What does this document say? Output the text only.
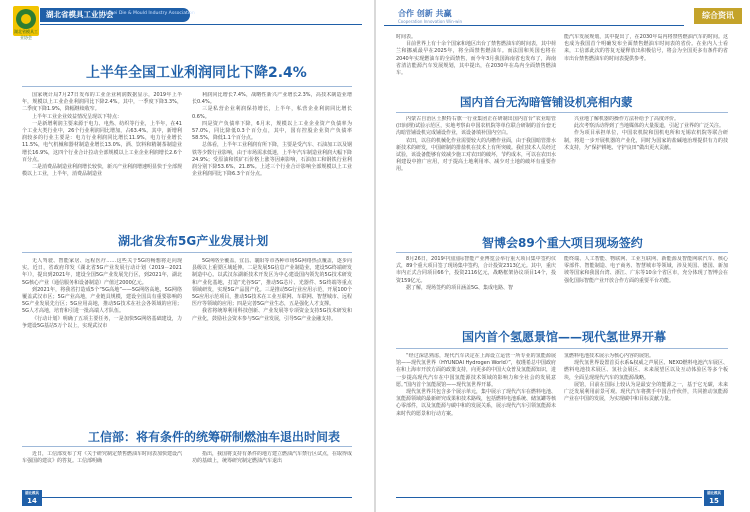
湖北省模具工业协会
湖北省模具工业协会
Hubei Die & Mould Industry Association
上半年全国工业利润同比下降2.4%

国家统计局7月27日发布的工业企业利润数据显示，2019年上半年，规模以上工业企业利润同比下降2.4%。其中，一季度下降3.3%，二季度下降1.9%，降幅继续收窄。

上半年工业企业效益情况呈现以下特点：

一是新增利润主要来源于电力、电热、纺织等行业，上半年，在41个工业大类行业中，26个行业利润同比增加，占63.4%。其中，新增利润较多的行业主要是：电力行业利润同比增长11.9%，电力行业增长11.5%，电气机械和器材制造业增长13.0%，酒、饮料和精制茶制造业增长16.9%，这四个行业合计拉动全部规模以上工业企业利润增长2.6个百分点。

二是消费品制造业利润增长较快，新兴产业利润增速明显快于全部规模以上工业，上半年，消费品制造业

利润同比增长7.4%，战略性新兴产业增长2.3%，高技术制造业增长0.4%。

三是私营企业利润保持增长，上半年，私营企业利润同比增长0.6%。

四是资产负债率下降，6月末，规模以上工业企业资产负债率为57.0%，同比降低0.3个百分点，其中，国有控股企业资产负债率58.5%，降低1.1个百分点。

总体看，上半年工业利润有所下降，主要是受汽车、石油加工以及钢铁等少数行业影响，由于市场需求低迷，上半年汽车制造业利润大幅下降24.9%；受原油和铁矿石价格上涨等因素影响，石油加工和钢铁行业利润分别下降53.6%、21.8%。上述三个行业合计影响全部规模以上工业企业利润同比下降6.3个百分点。

湖北省发布5G产业发展计划

无人驾驶、智能家居、远程医疗……这些关于5G的畅想将走向现实。近日，省政府印发《湖北省5G产业发展行动计划（2019－2021年）》，提出到2021年，建设全国5G产业发展先行区，到2021年，湖北5G核心产业（通信服务和设备制造）产值过2000亿元。

到2021年，将我省打造成5个“5G高地”——5G网络高地，5G网络覆盖武汉市区；5G产业高地，产业链具规模，建设全国具有重要影响的5G产业发展先行区；5G应用高地，推动5G技术在社会各领域的应用；5G人才高地，培育和引进一批高端人才队伍。

《行动计划》明确了五项主要任务，一是加快5G网络基础建设，力争建设5G基站5万个以上，实现武汉市

5G网络全覆盖，宜昌、襄阳等市各种市场5G网络热点覆盖，逐步向县级以上重要区域延伸。二是发展5G信息产业制造业，建设5G终端研发制造中心。以武汉东湖新技术开发区为中心建设国内领先的5G技术研发和产业化基地，打造“光谷5G”，推动5G芯片、光器件、5G终端等重点领域研发，实现5G产品国产化。三是推动5G行业应用示范，开展100个5G应用示范项目，推动5G技术在工业互联网、车联网、智慧城市、远程医疗等领域的应用；四是完善5G产业生态，五是强化人才支撑。

我省将统筹利用科技创新、产业发展等专项资金支持5G技术研发和产业化，鼓励社会资本参与5G产业发展，引导5G产业金融支持。

工信部：将有条件的统筹研制燃油车退出时间表

近日，工信部发布了对《关于研究制定禁售燃油车时间表加快建设汽车强国的建议》的答复。工信部明确

指出，我国将支持有条件的地方建立燃油汽车禁行区试点，在取得成功的基础上，统筹研究制定燃油汽车退出

湖北模具
14
合作 创新 共赢
Cooperation Innovation Win-win
综合资讯

时间表。

目前世界上有十余个国家和地区出台了禁售燃油车的时间表，其中荷兰和挪威最早在2025年，将全面禁售燃油车。而法国和英国也将在2040年实现燃油车的全面禁售，而今年3月我国海南省也发布了，海南省清洁能源汽车发展规划，其中提出，在2030年在岛内全面禁售燃油车。

能汽车发展规划，其中提出了，在2030年岛内将禁售燃油汽车的时间。这也成为我国首个明确发布全面禁售燃油车时间表的省份。在业内人士看来，工信部此次的答复无疑释放出积极信号，将会为全国更多有条件的省市出台禁售燃油车的时间表提供参考。

国内首台无沟暗管铺设机亮相内蒙

内蒙古自治区土默特右旗一行业集团正在研制出国内首台“农业暗管(田间埋)试验示范区，实地考察由中国农机院等单位联合研制的首台套无沟暗管铺设机完成铺设作业，该设备填补国内空白。

农田，以往的机械化作业需要较大的沟槽作业面，由于我国暗管排水新技术的研发，中国研制的排盐机在技术上有所突破。我们技术人员经过试验，该设备能够有效减少施工对农田的破坏，节约成本，可以在农田水利建设中推广应用，对于提高土地利用率、减少对土地的破坏有重要作用。

兴业地了解机器的操作方法补给予了高度评价。

此次考察活动得到了当地媒体的大量报道，引起了业界的广泛关注。

作为项目承担单位，中国农机院和国机电所和无锡农机院等联合研制，将进一步开展机器的产业化，同时为国家的盐碱地治理提供有力的技术支持，为“保护耕地、守护良田”做出更大贡献。

智博会89个重大项目现场签约

8月26日，2019中国国际智能产业博览会举行重大项目集中签约仪式，89个重大项目签了现场集中签约，合计投资2313亿元。其中，重庆市内正式合同项目66个，投资2116亿元，战略框架协议项目14个，投资159亿元。

据了解，现场签约的项目涵盖5G、集成电路、智

能终端、人工智能、物联网、工业互联网、新能源及智能网联汽车、核心零部件、智能制造、电子商务、智慧城市等领域，涉及英国、德国、新加坡等国家和我国台湾、浙江、广东等10余个省区市，充分体现了智博会在强化国际智能产业开放合作方面的重要平台功能。

国内首个氢愿景馆——现代氢世界开幕

“经过深思熟虑，现代汽车决定在上海设立运营一所专业的氢能源展馆——现代氢世界（HYUNDAI Hydrogen World）”，权瑾希总中国政府在和上海市开放方面的政策支持，向更多的中国大众普及氢能源知识，进一步提高现代汽车在中国氢能源技术领域的影响力和全社会的发展意愿。”国内首个氢能展馆——现代氢世界开幕。

现代氢世界共包含多个展示单元，集中展示了现代汽车在燃料电池、氢能源领域的最新研究成果和技术路线，包括燃料电池系统、储氢罐等核心零部件，以及氢能源与碳中和的发展关系，展示现代汽车引领氢能源未来时代的愿景和行动方案。

氢燃料电池技术展示为核心内容的展馆。

现代氢世界设置首页水系&权威之声展区、NEXO燃料电池汽车展区、燃料电池技术展区、氢社会展区、未来展望区以及互动体验区等多个板块，全面呈现现代汽车的氢能源战略。

展馆，目前在国际上较认为是最安全的能源之一，基于它无碳，未来广泛发展利用前景可观。现代汽车将携手中国合作伙伴，共同推动氢能源产业在中国的发展，为实现碳中和目标贡献力量。

湖北模具
15
